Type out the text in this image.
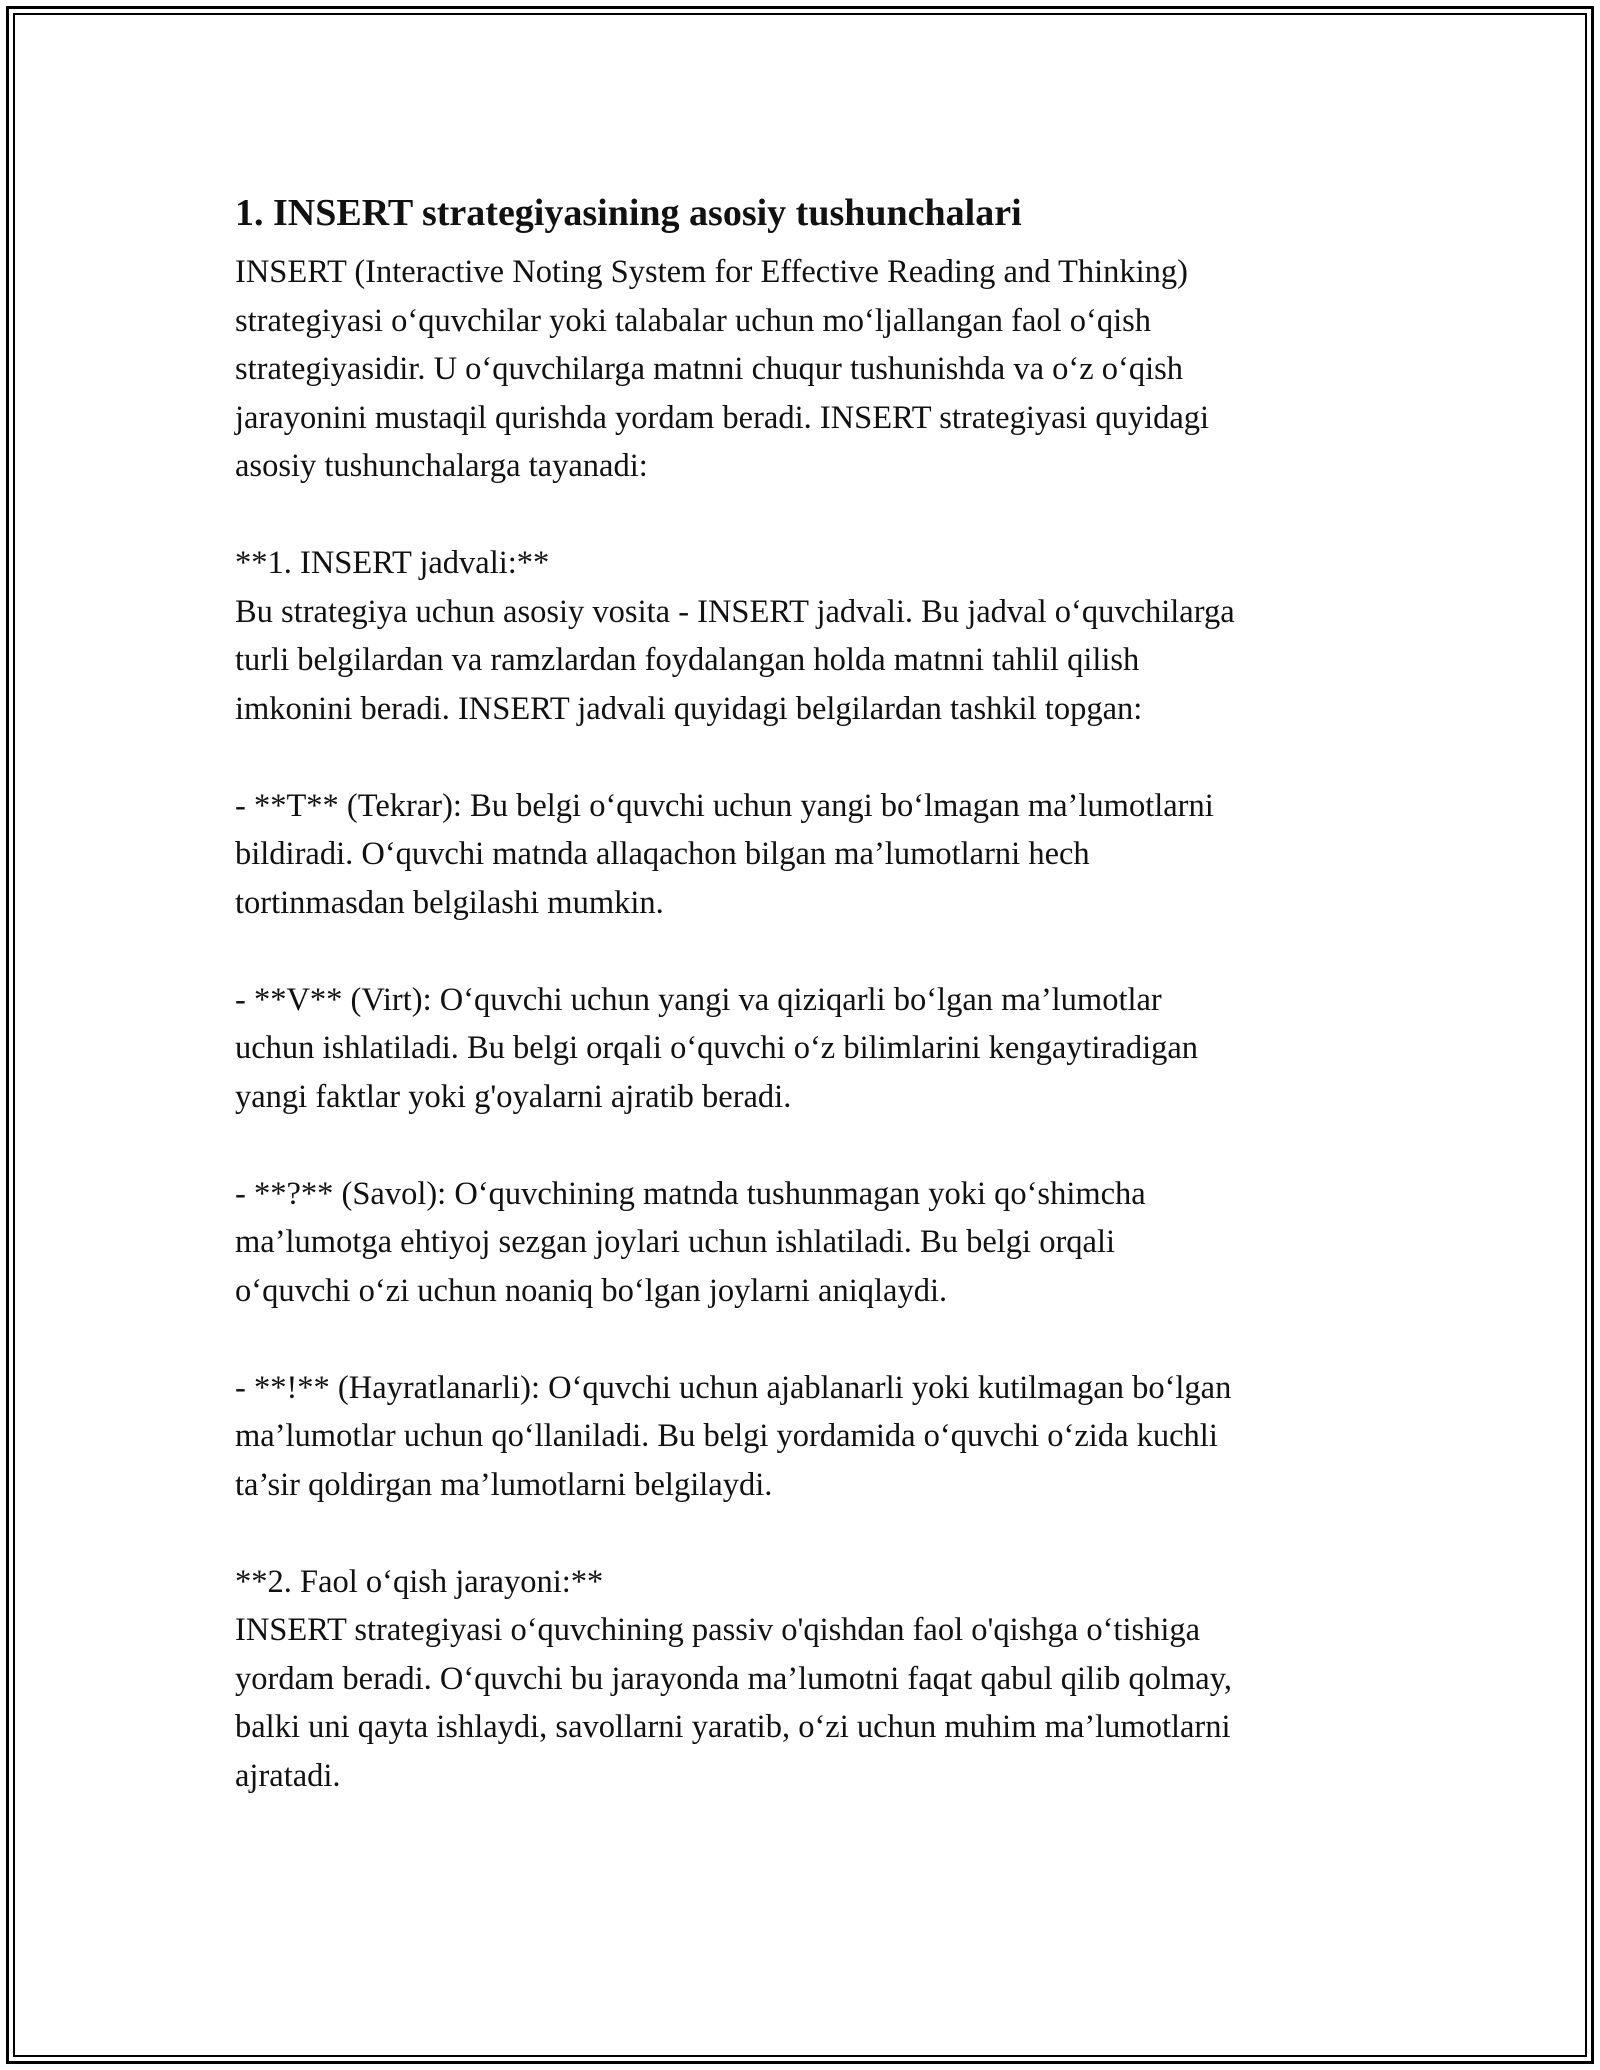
1. INSERT strategiyasining asosiy tushunchalari

INSERT (Interactive Noting System for Effective Reading and Thinking)
strategiyasi o‘quvchilar yoki talabalar uchun mo‘ljallangan faol o‘qish
strategiyasidir. U o‘quvchilarga matnni chuqur tushunishda va o‘z o‘qish
jarayonini mustaqil qurishda yordam beradi. INSERT strategiyasi quyidagi
asosiy tushunchalarga tayanadi:

**1. INSERT jadvali:**
Bu strategiya uchun asosiy vosita - INSERT jadvali. Bu jadval o‘quvchilarga
turli belgilardan va ramzlardan foydalangan holda matnni tahlil qilish
imkonini beradi. INSERT jadvali quyidagi belgilardan tashkil topgan:

- **T** (Tekrar): Bu belgi o‘quvchi uchun yangi bo‘lmagan ma’lumotlarni
bildiradi. O‘quvchi matnda allaqachon bilgan ma’lumotlarni hech
tortinmasdan belgilashi mumkin.

- **V** (Virt): O‘quvchi uchun yangi va qiziqarli bo‘lgan ma’lumotlar
uchun ishlatiladi. Bu belgi orqali o‘quvchi o‘z bilimlarini kengaytiradigan
yangi faktlar yoki g'oyalarni ajratib beradi.

- **?** (Savol): O‘quvchining matnda tushunmagan yoki qo‘shimcha
ma’lumotga ehtiyoj sezgan joylari uchun ishlatiladi. Bu belgi orqali
o‘quvchi o‘zi uchun noaniq bo‘lgan joylarni aniqlaydi.

- **!** (Hayratlanarli): O‘quvchi uchun ajablanarli yoki kutilmagan bo‘lgan
ma’lumotlar uchun qo‘llaniladi. Bu belgi yordamida o‘quvchi o‘zida kuchli
ta’sir qoldirgan ma’lumotlarni belgilaydi.

**2. Faol o‘qish jarayoni:**
INSERT strategiyasi o‘quvchining passiv o'qishdan faol o'qishga o‘tishiga
yordam beradi. O‘quvchi bu jarayonda ma’lumotni faqat qabul qilib qolmay,
balki uni qayta ishlaydi, savollarni yaratib, o‘zi uchun muhim ma’lumotlarni
ajratadi.
